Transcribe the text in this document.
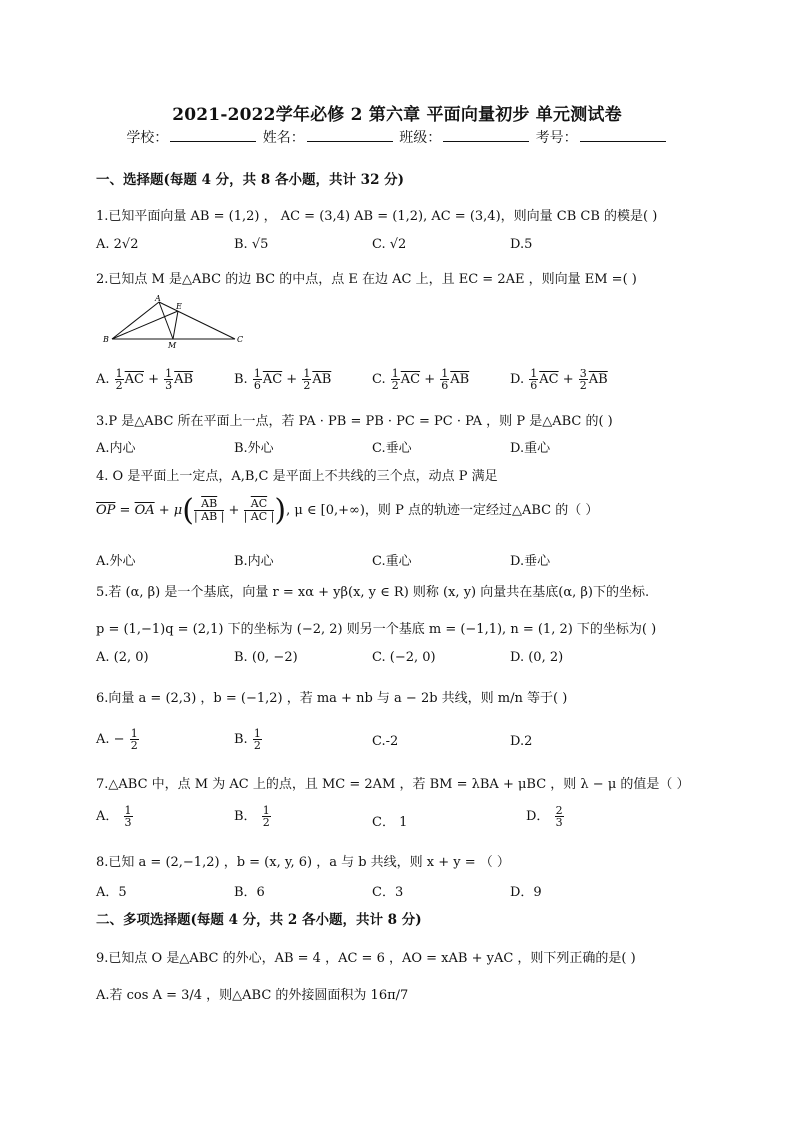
2021-2022学年必修 2 第六章 平面向量初步 单元测试卷
学校：	姓名：	班级：	考号：
一、选择题(每题 4 分，共 8 各小题，共计 32 分)
1.已知平面向量 AB = (1,2) ， AC = (3,4) AB = (1,2), AC = (3,4)，则向量 CB CB 的模是( )
A. 2√2	B. √5	C. √2	D.5
2.已知点 M 是△ABC 的边 BC 的中点，点 E 在边 AC 上，且 EC = 2AE ，则向量 EM =( )
A
E
B
M
C
A. $\frac{1}{2} \overline{AC} + \frac{1}{3} \overline{AB}$	B. $\frac{1}{6} \overline{AC} + \frac{1}{2} \overline{AB}$	C. $\frac{1}{2} \overline{AC} + \frac{1}{6} \overline{AB}$	D. $\frac{1}{6} \overline{AC} + \frac{3}{2} \overline{AB}$
3.P 是△ABC 所在平面上一点，若 PA · PB = PB · PC = PC · PA ，则 P 是△ABC 的( )
A.内心	B.外心	C.垂心	D.重心
4. O 是平面上一定点，A,B,C 是平面上不共线的三个点，动点 P 满足
$\overline{OP} = \overline{OA} + \mu( \frac{\overline{AB}}{| AB |} + \frac{\overline{AC}}{| AC |})$, μ ∈ [0,+∞)，则 P 点的轨迹一定经过△ABC 的（ ）
A.外心	B.内心	C.重心	D.垂心
5.若 (α, β) 是一个基底，向量 r = xα + yβ(x, y ∈ R) 则称 (x, y) 向量共在基底(α, β)下的坐标.
p = (1,−1)q = (2,1) 下的坐标为 (−2, 2) 则另一个基底 m = (−1,1), n = (1, 2) 下的坐标为( )
A. (2, 0)	B. (0, −2)	C. (−2, 0)	D. (0, 2)
6.向量 a = (2,3) ，b = (−1,2) ，若 ma + nb 与 a − 2b 共线，则 m/n 等于( )
A. − $\frac{1}{2}$	B. $\frac{1}{2}$	C.-2	D.2
7.△ABC 中，点 M 为 AC 上的点，且 MC = 2AM ，若 BM = λBA + μBC ，则 λ − μ 的值是（ ）
A． $\frac{1}{3}$	B． $\frac{1}{2}$	C． 1	D． $\frac{2}{3}$
8.已知 a = (2,−1,2) ，b = (x, y, 6) ，a 与 b 共线，则 x + y = （ ）
A．5	B．6	C．3	D．9
二、多项选择题(每题 4 分，共 2 各小题，共计 8 分)
9.已知点 O 是△ABC 的外心，AB = 4 ，AC = 6 ，AO = xAB + yAC ，则下列正确的是( )
A.若 cos A = 3/4 ，则△ABC 的外接圆面积为 16π/7
